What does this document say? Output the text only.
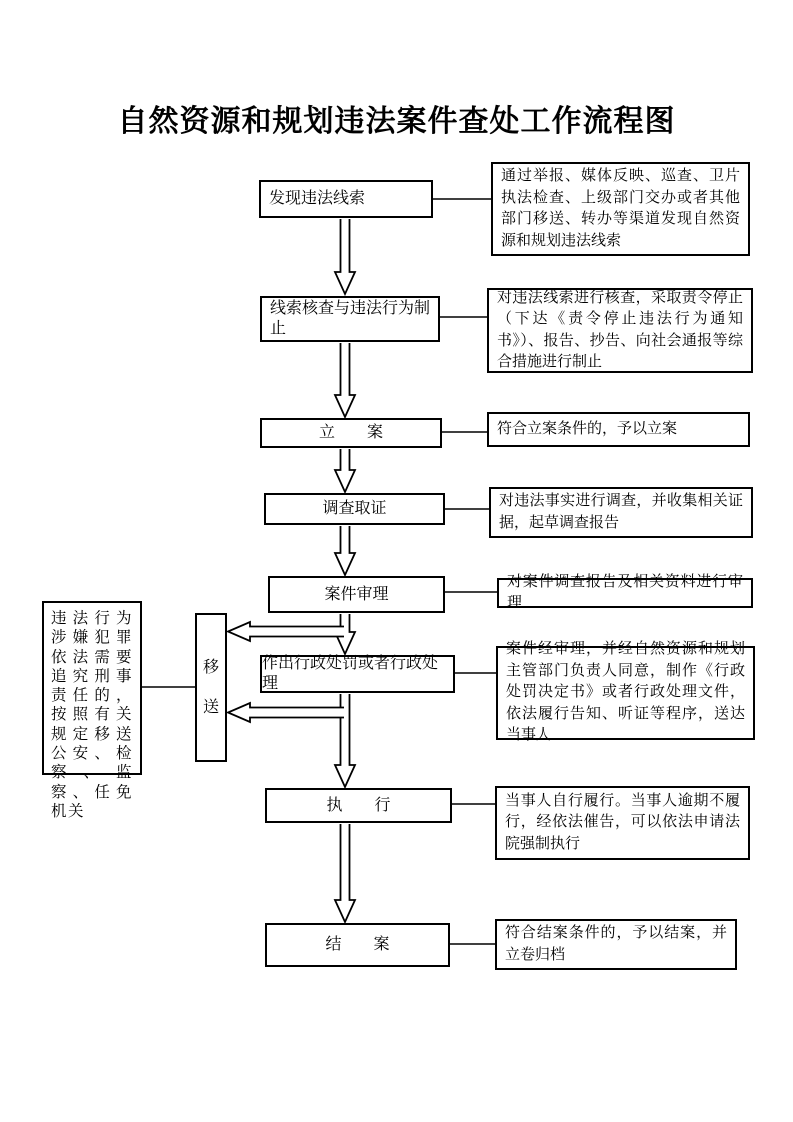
自然资源和规划违法案件查处工作流程图
发现违法线索
线索核查与违法行为制止
立　　案
调查取证
案件审理
作出行政处罚或者行政处理
执　　行
结　　案
通过举报、媒体反映、巡查、卫片执法检查、上级部门交办或者其他部门移送、转办等渠道发现自然资源和规划违法线索
对违法线索进行核查，采取责令停止（下达《责令停止违法行为通知书》）、报告、抄告、向社会通报等综合措施进行制止
符合立案条件的，予以立案
对违法事实进行调查，并收集相关证据，起草调查报告
对案件调查报告及相关资料进行审理
案件经审理，并经自然资源和规划主管部门负责人同意，制作《行政处罚决定书》或者行政处理文件，依法履行告知、听证等程序，送达当事人
当事人自行履行。当事人逾期不履行，经依法催告，可以依法申请法院强制执行
符合结案条件的，予以结案，并立卷归档
移送
违法行为涉嫌犯罪依法需要追究刑事责任的，按照有关规定移送公安、检察、监察、任免机关
